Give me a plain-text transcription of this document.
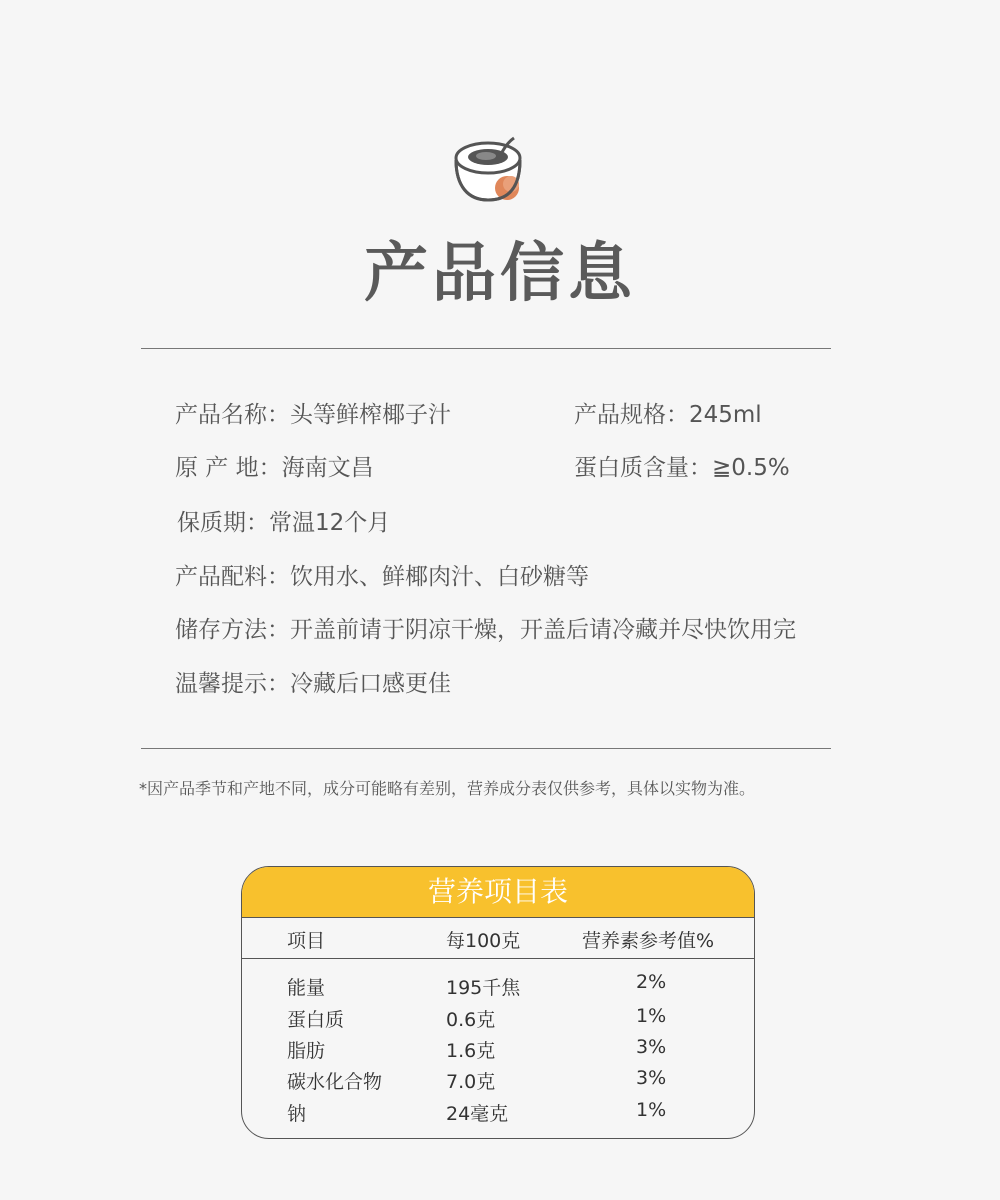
产品信息
产品名称：头等鲜榨椰子汁	产品规格：245ml
原 产 地：海南文昌	蛋白质含量：≧0.5%
保质期：常温12个月
产品配料：饮用水、鲜椰肉汁、白砂糖等
储存方法：开盖前请于阴凉干燥，开盖后请冷藏并尽快饮用完
温馨提示：冷藏后口感更佳
*因产品季节和产地不同，成分可能略有差别，营养成分表仅供参考，具体以实物为准。
营养项目表
项目	每100克	营养素参考值%
能量	195千焦	2%
蛋白质	0.6克	1%
脂肪	1.6克	3%
碳水化合物	7.0克	3%
钠	24毫克	1%
